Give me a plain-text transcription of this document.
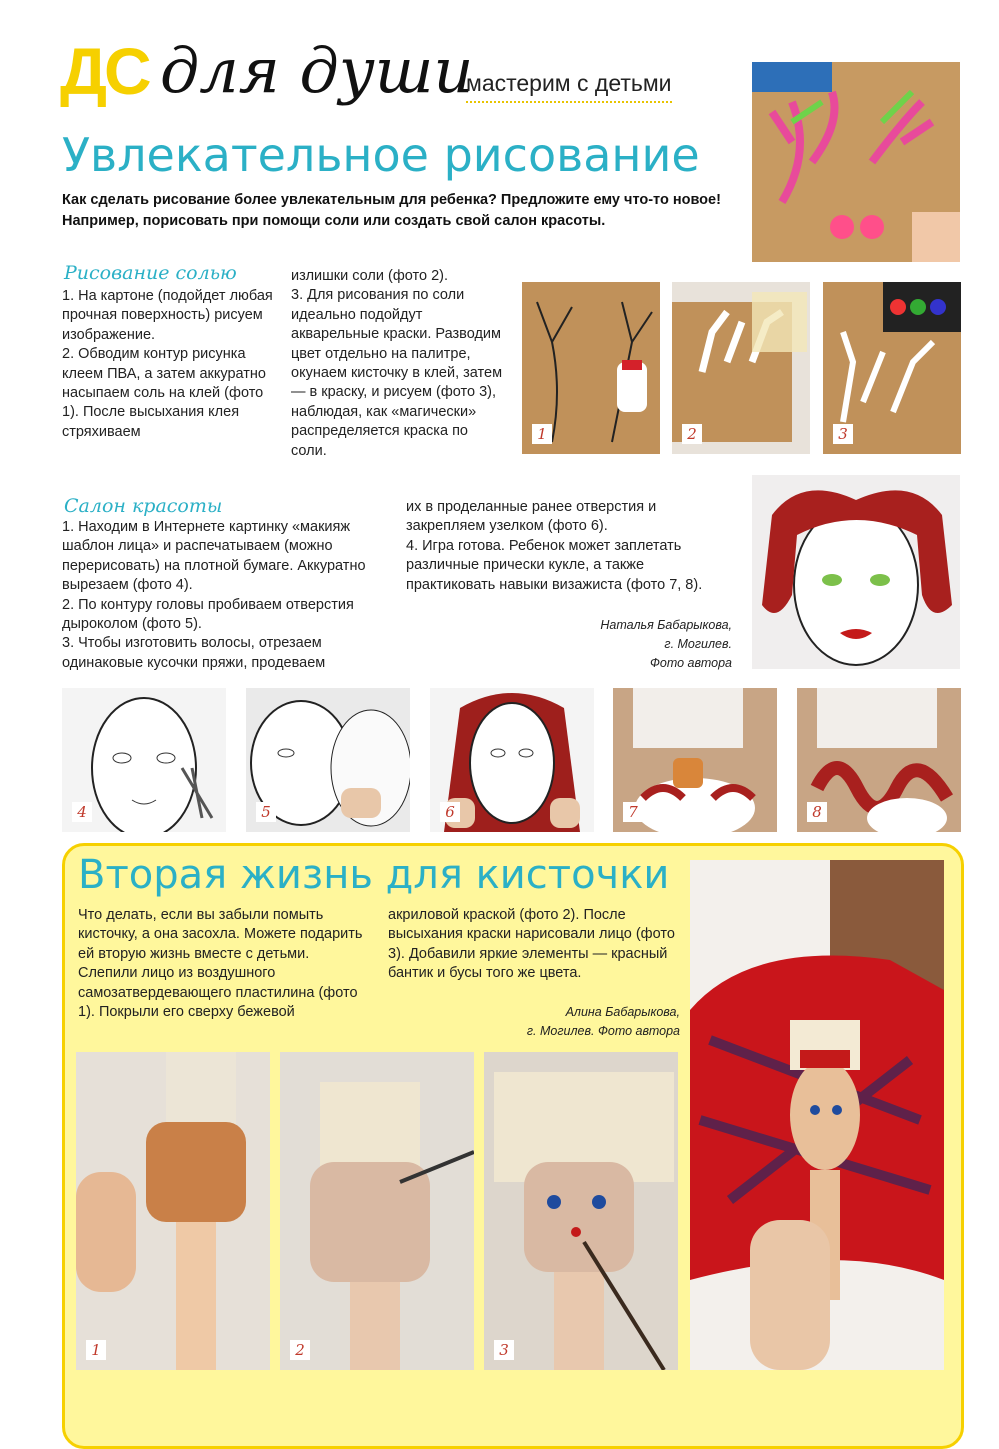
ДС для души
мастерим с детьми
Увлекательное рисование
Как сделать рисование более увлекательным для ребенка? Предложите ему что-то новое! Например, порисовать при помощи соли или создать свой салон красоты.
Рисование солью

1. На картоне (подойдет любая прочная поверхность) рисуем изображение.

2. Обводим контур рисунка клеем ПВА, а затем аккуратно насыпаем соль на клей (фото 1). После высыхания клея стряхиваем

излишки соли (фото 2).

3. Для рисования по соли идеально подойдут акварельные краски. Разводим цвет отдельно на палитре, окунаем кисточку в клей, затем — в краску, и рисуем (фото 3), наблюдая, как «магически» распределяется краска по соли.

1	2	3
Салон красоты

1. Находим в Интернете картинку «макияж шаблон лица» и распечатываем (можно перерисовать) на плотной бумаге. Аккуратно вырезаем (фото 4).

2. По контуру головы пробиваем отверстия дыроколом (фото 5).

3. Чтобы изготовить волосы, отрезаем одинаковые кусочки пряжи, продеваем

их в проделанные ранее отверстия и закрепляем узелком (фото 6).

4. Игра готова. Ребенок может заплетать различные прически кукле, а также практиковать навыки визажиста (фото 7, 8).

Наталья Бабарыкова,
г. Могилев.
Фото автора
4	5	6	7	8
Вторая жизнь для кисточки

Что делать, если вы забыли помыть кисточку, а она засохла. Можете подарить ей вторую жизнь вместе с детьми.

Слепили лицо из воздушного самозатвердевающего пластилина (фото 1). Покрыли его сверху бежевой

акриловой краской (фото 2). После высыхания краски нарисовали лицо (фото 3). Добавили яркие элементы — красный бантик и бусы того же цвета.

Алина Бабарыкова,
г. Могилев. Фото автора
1	2	3
